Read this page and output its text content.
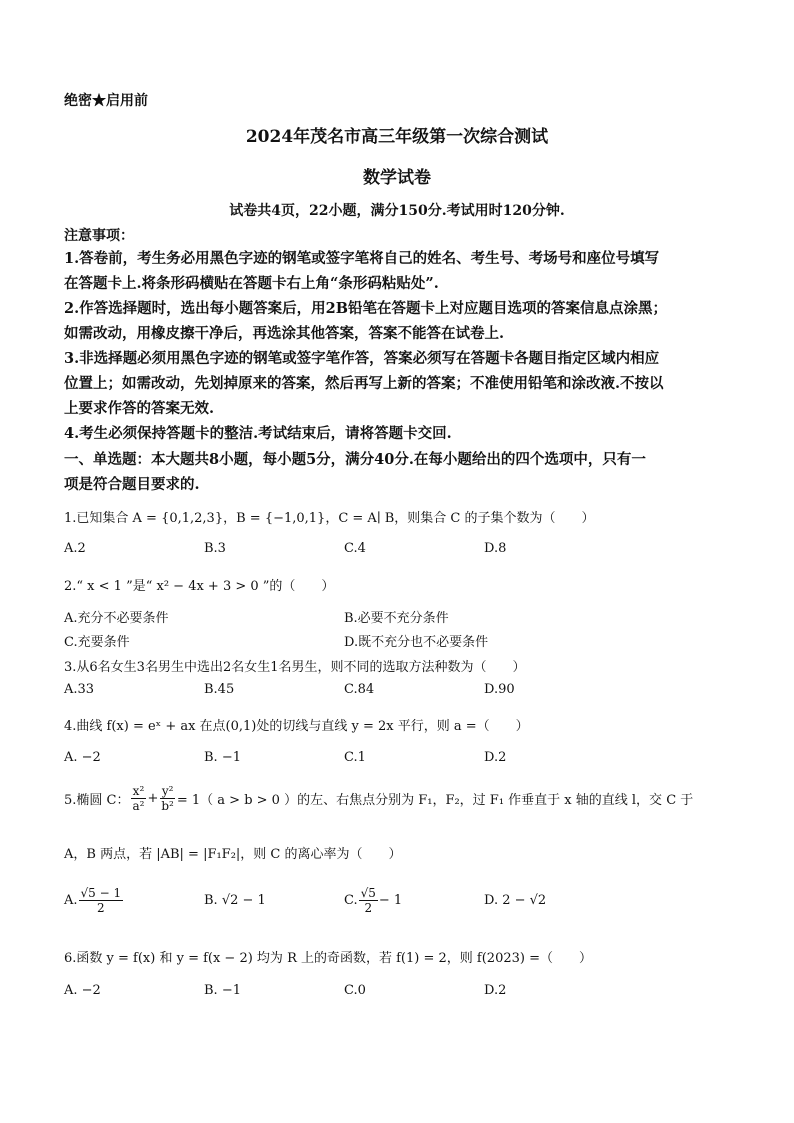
绝密★启用前
2024年茂名市高三年级第一次综合测试
数学试卷
试卷共4页，22小题，满分150分.考试用时120分钟.
注意事项：
1.答卷前，考生务必用黑色字迹的钢笔或签字笔将自己的姓名、考生号、考场号和座位号填写
在答题卡上.将条形码横贴在答题卡右上角“条形码粘贴处”.
2.作答选择题时，选出每小题答案后，用2B铅笔在答题卡上对应题目选项的答案信息点涂黑；
如需改动，用橡皮擦干净后，再选涂其他答案，答案不能答在试卷上.
3.非选择题必须用黑色字迹的钢笔或签字笔作答，答案必须写在答题卡各题目指定区域内相应
位置上；如需改动，先划掉原来的答案，然后再写上新的答案；不准使用铅笔和涂改液.不按以
上要求作答的答案无效.
4.考生必须保持答题卡的整洁.考试结束后，请将答题卡交回.
一、单选题：本大题共8小题，每小题5分，满分40分.在每小题给出的四个选项中，只有一
项是符合题目要求的.
1.已知集合 A = {0,1,2,3}，B = {−1,0,1}，C = A∣ B，则集合 C 的子集个数为（　　）
A.2	B.3	C.4	D.8
2.“ x < 1 ”是“ x² − 4x + 3 > 0 ”的（　　）
A.充分不必要条件	B.必要不充分条件
C.充要条件	D.既不充分也不必要条件
3.从6名女生3名男生中选出2名女生1名男生，则不同的选取方法种数为（　　）
A.33	B.45	C.84	D.90
4.曲线 f(x) = eˣ + ax 在点(0,1)处的切线与直线 y = 2x 平行，则 a =（　　）
A. −2	B. −1	C.1	D.2
5.椭圆 C： $\frac{\text{x²}}{\text{a²}} + \frac{\text{y²}}{\text{b²}} = 1$（ a > b > 0 ）的左、右焦点分别为 F₁，F₂，过 F₁ 作垂直于 x 轴的直线 l，交 C 于
A，B 两点，若 |AB| = |F₁F₂|，则 C 的离心率为（　　）
A. $\frac{√5 - 1}{2}$	B. √2 − 1	C. $\frac{√5}{2} - 1$	D. 2 − √2
6.函数 y = f(x) 和 y = f(x − 2) 均为 R 上的奇函数，若 f(1) = 2，则 f(2023) =（　　）
A. −2	B. −1	C.0	D.2
